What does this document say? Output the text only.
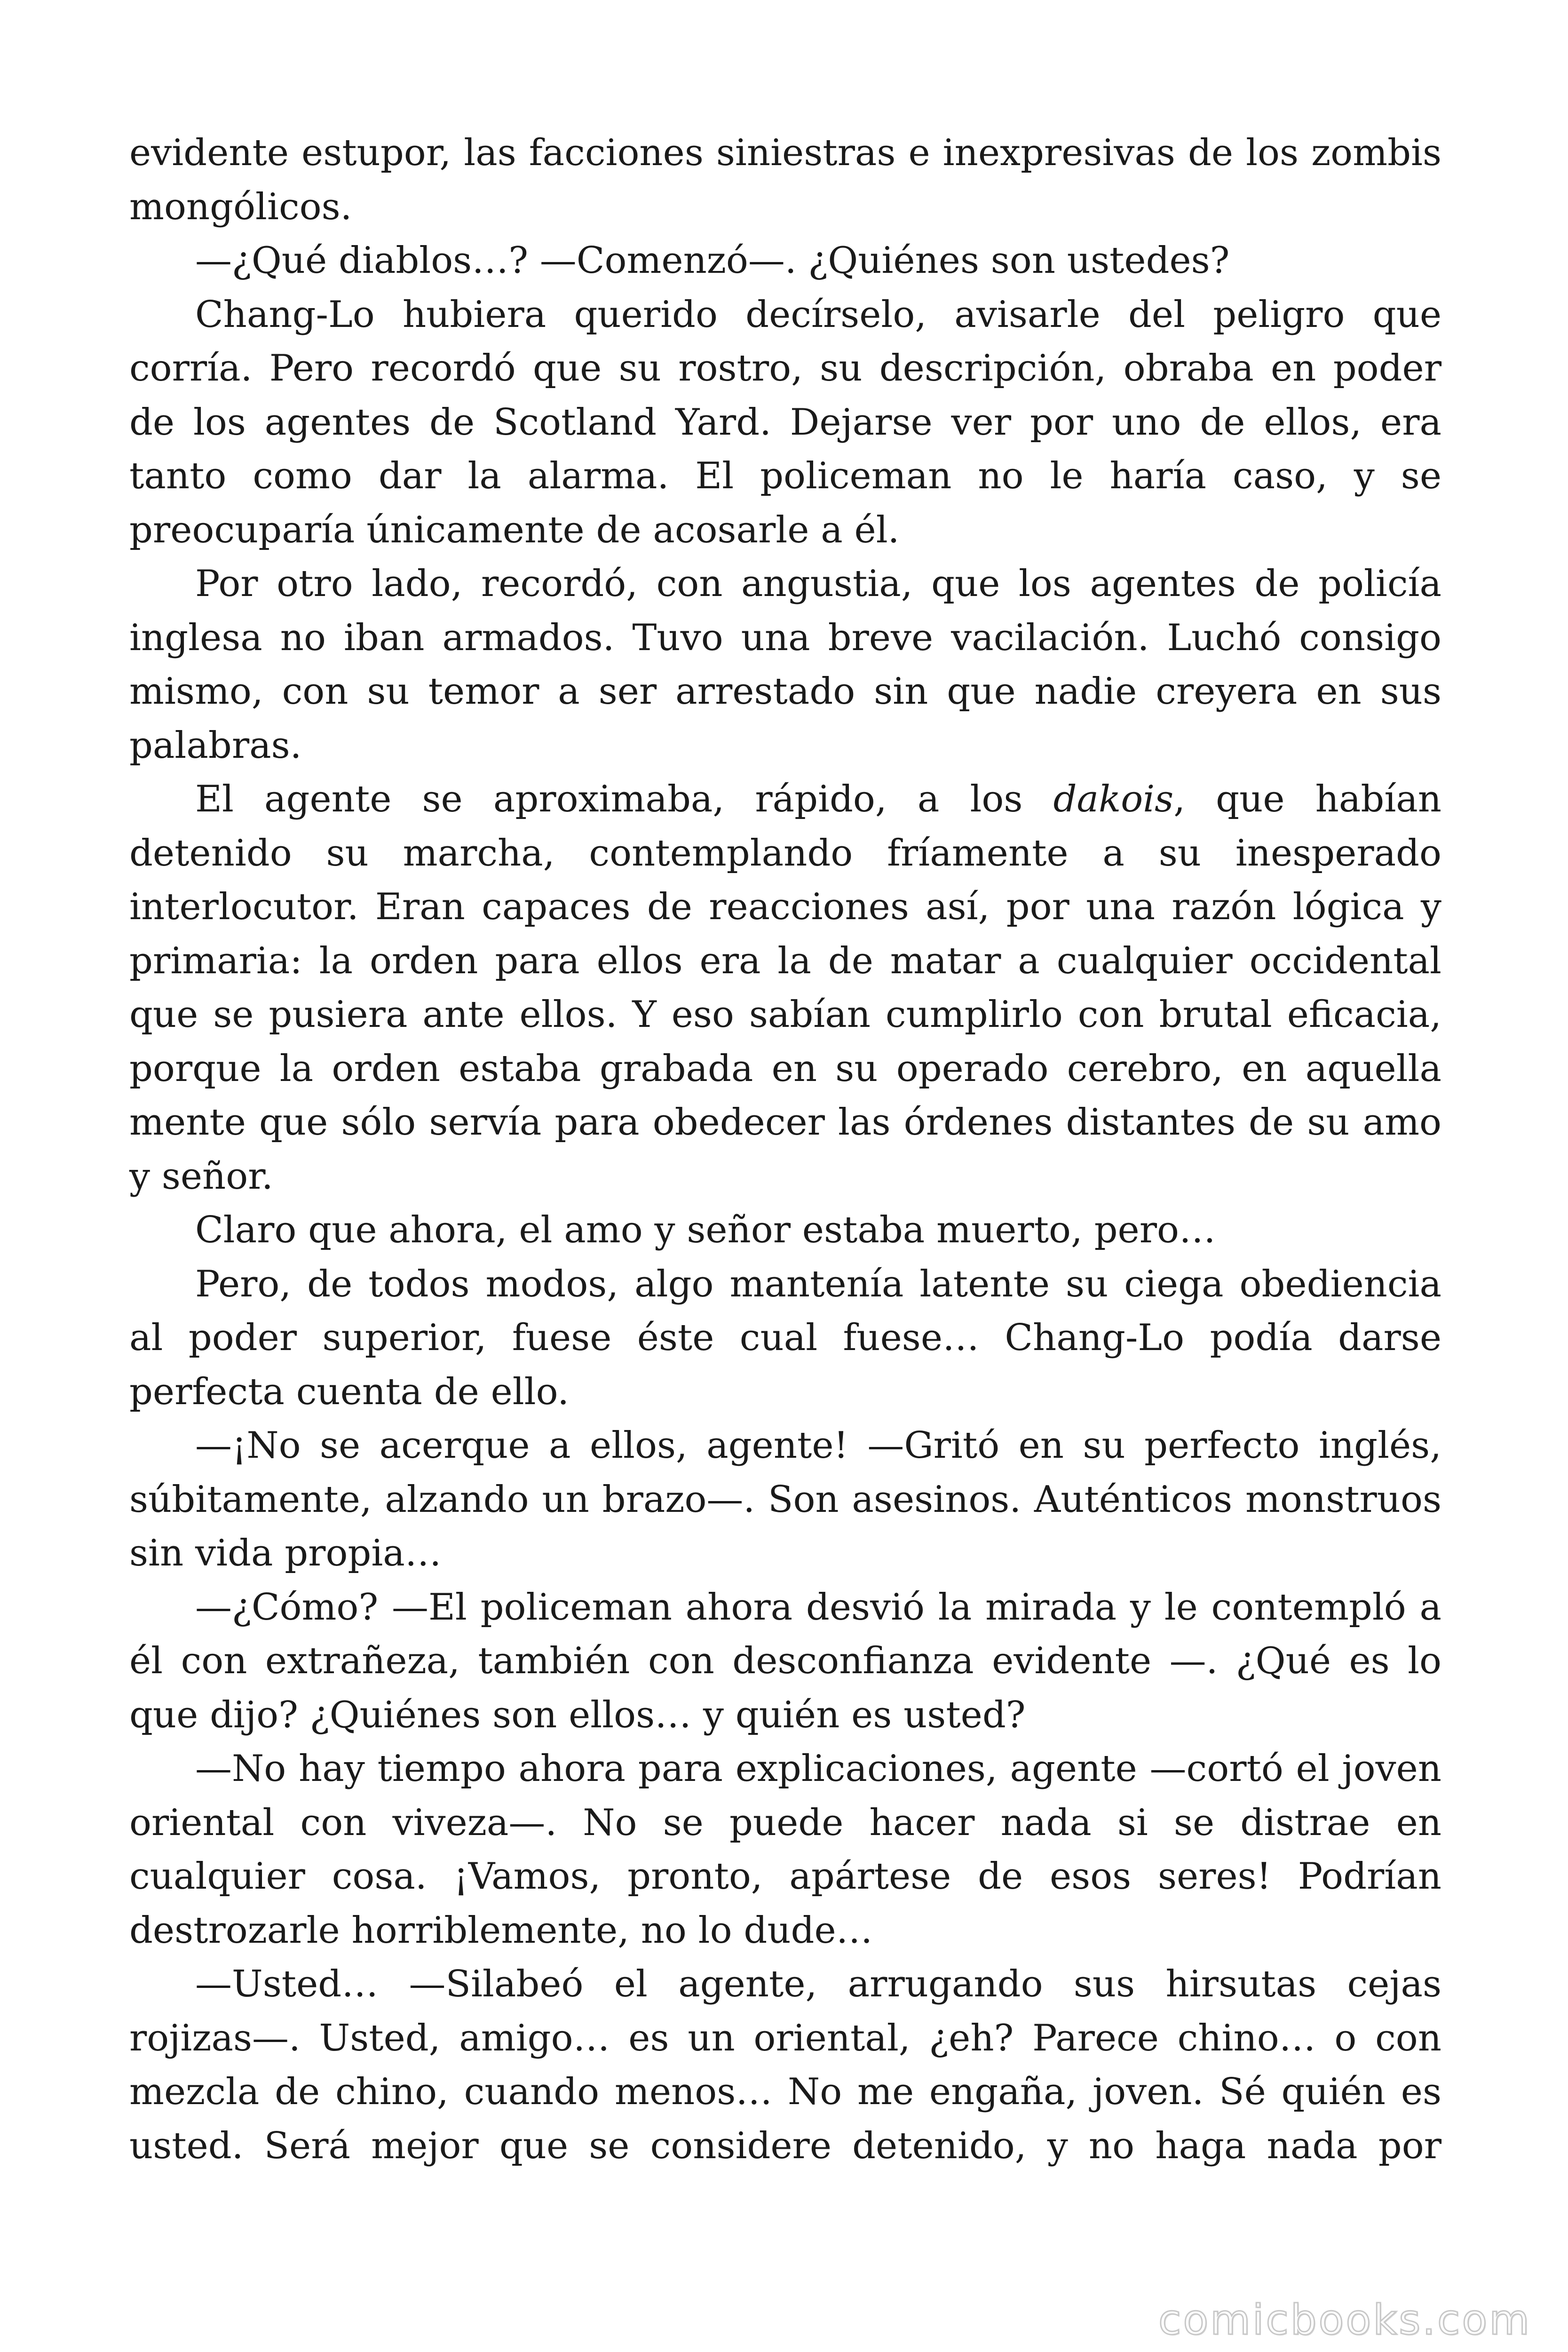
evidente estupor, las facciones siniestras e inexpresivas de los zombis mongólicos.

—¿Qué diablos…? —Comenzó—. ¿Quiénes son ustedes?

Chang-Lo hubiera querido decírselo, avisarle del peligro que corría. Pero recordó que su rostro, su descripción, obraba en poder de los agentes de Scotland Yard. Dejarse ver por uno de ellos, era tanto como dar la alarma. El policeman no le haría caso, y se preocuparía únicamente de acosarle a él.

Por otro lado, recordó, con angustia, que los agentes de policía inglesa no iban armados. Tuvo una breve vacilación. Luchó consigo mismo, con su temor a ser arrestado sin que nadie creyera en sus palabras.

El agente se aproximaba, rápido, a los dakois, que habían detenido su marcha, contemplando fríamente a su inesperado interlocutor. Eran capaces de reacciones así, por una razón lógica y primaria: la orden para ellos era la de matar a cualquier occidental que se pusiera ante ellos. Y eso sabían cumplirlo con brutal eficacia, porque la orden estaba grabada en su operado cerebro, en aquella mente que sólo servía para obedecer las órdenes distantes de su amo y señor.

Claro que ahora, el amo y señor estaba muerto, pero…

Pero, de todos modos, algo mantenía latente su ciega obediencia al poder superior, fuese éste cual fuese… Chang-Lo podía darse perfecta cuenta de ello.

—¡No se acerque a ellos, agente! —Gritó en su perfecto inglés, súbitamente, alzando un brazo—. Son asesinos. Auténticos monstruos sin vida propia…

—¿Cómo? —El policeman ahora desvió la mirada y le contempló a él con extrañeza, también con desconfianza evidente —. ¿Qué es lo que dijo? ¿Quiénes son ellos… y quién es usted?

—No hay tiempo ahora para explicaciones, agente —cortó el joven oriental con viveza—. No se puede hacer nada si se distrae en cualquier cosa. ¡Vamos, pronto, apártese de esos seres! Podrían destrozarle horriblemente, no lo dude…

—Usted… —Silabeó el agente, arrugando sus hirsutas cejas rojizas—. Usted, amigo… es un oriental, ¿eh? Parece chino… o con mezcla de chino, cuando menos… No me engaña, joven. Sé quién es usted. Será mejor que se considere detenido, y no haga nada por

comicbooks.com
